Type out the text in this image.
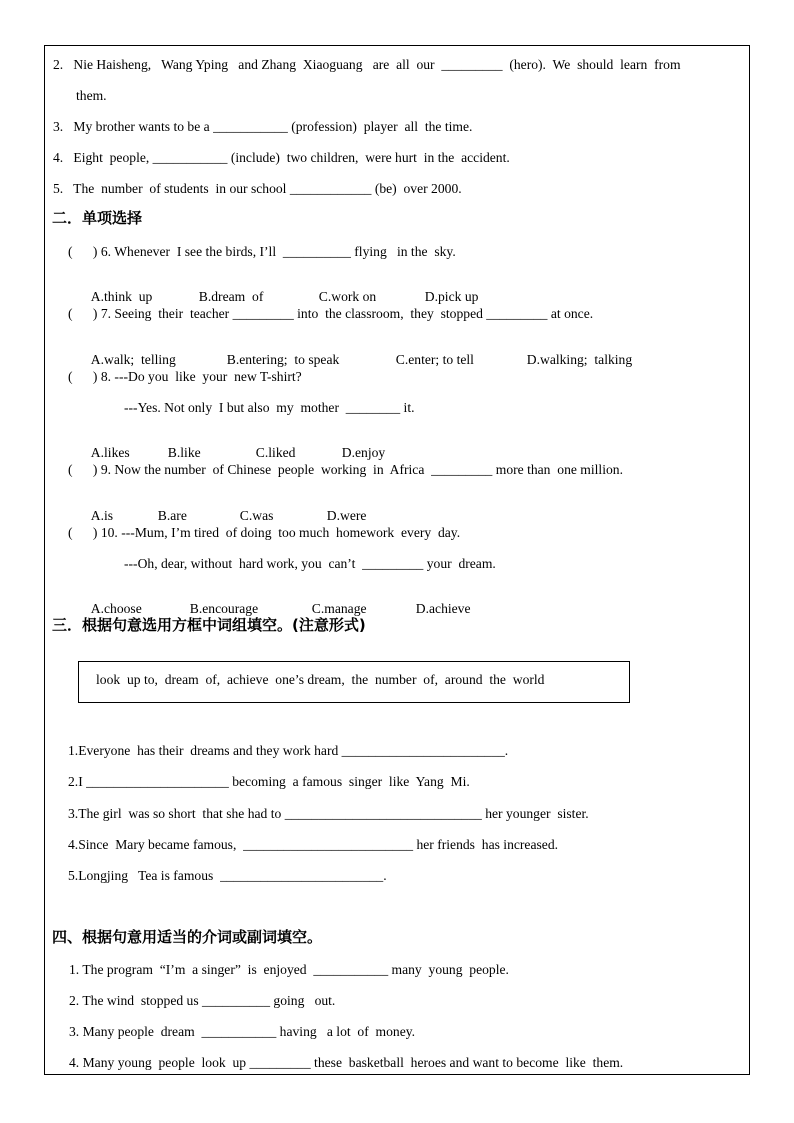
2.   Nie Haisheng,   Wang Yping   and Zhang  Xiaoguang   are  all  our  _________  (hero).  We  should  learn  from
them.
3.   My brother wants to be a ___________ (profession)  player  all  the time.
4.   Eight  people, ___________ (include)  two children,  were hurt  in the  accident.
5.   The  number  of students  in our school ____________ (be)  over 2000.
二．单项选择
(      ) 6. Whenever  I see the birds, I’ll  __________ flying   in the  sky.

A.think  up	B.dream  of	C.work on	D.pick up

(      ) 7. Seeing  their  teacher _________ into  the classroom,  they  stopped _________ at once.

A.walk;  telling	B.entering;  to speak	C.enter; to tell	D.walking;  talking

(      ) 8. ---Do you  like  your  new T-shirt?
---Yes. Not only  I but also  my  mother  ________ it.

A.likes	B.like	C.liked	D.enjoy

(      ) 9. Now the number  of Chinese  people  working  in  Africa  _________ more than  one million.

A.is	B.are	C.was	D.were

(      ) 10. ---Mum, I’m tired  of doing  too much  homework  every  day.
---Oh, dear, without  hard work, you  can’t  _________ your  dream.

A.choose	B.encourage	C.manage	D.achieve

三．根据句意选用方框中词组填空。(注意形式)
look  up to,  dream  of,  achieve  one’s dream,  the  number  of,  around  the  world
1.Everyone  has their  dreams and they work hard ________________________.
2.I _____________________ becoming  a famous  singer  like  Yang  Mi.
3.The girl  was so short  that she had to _____________________________ her younger  sister.
4.Since  Mary became famous,  _________________________ her friends  has increased.
5.Longjing   Tea is famous  ________________________.
四、根据句意用适当的介词或副词填空。
1. The program  “I’m  a singer”  is  enjoyed  ___________ many  young  people.
2. The wind  stopped us __________ going   out.
3. Many people  dream  ___________ having   a lot  of  money.
4. Many young  people  look  up _________ these  basketball  heroes and want to become  like  them.
